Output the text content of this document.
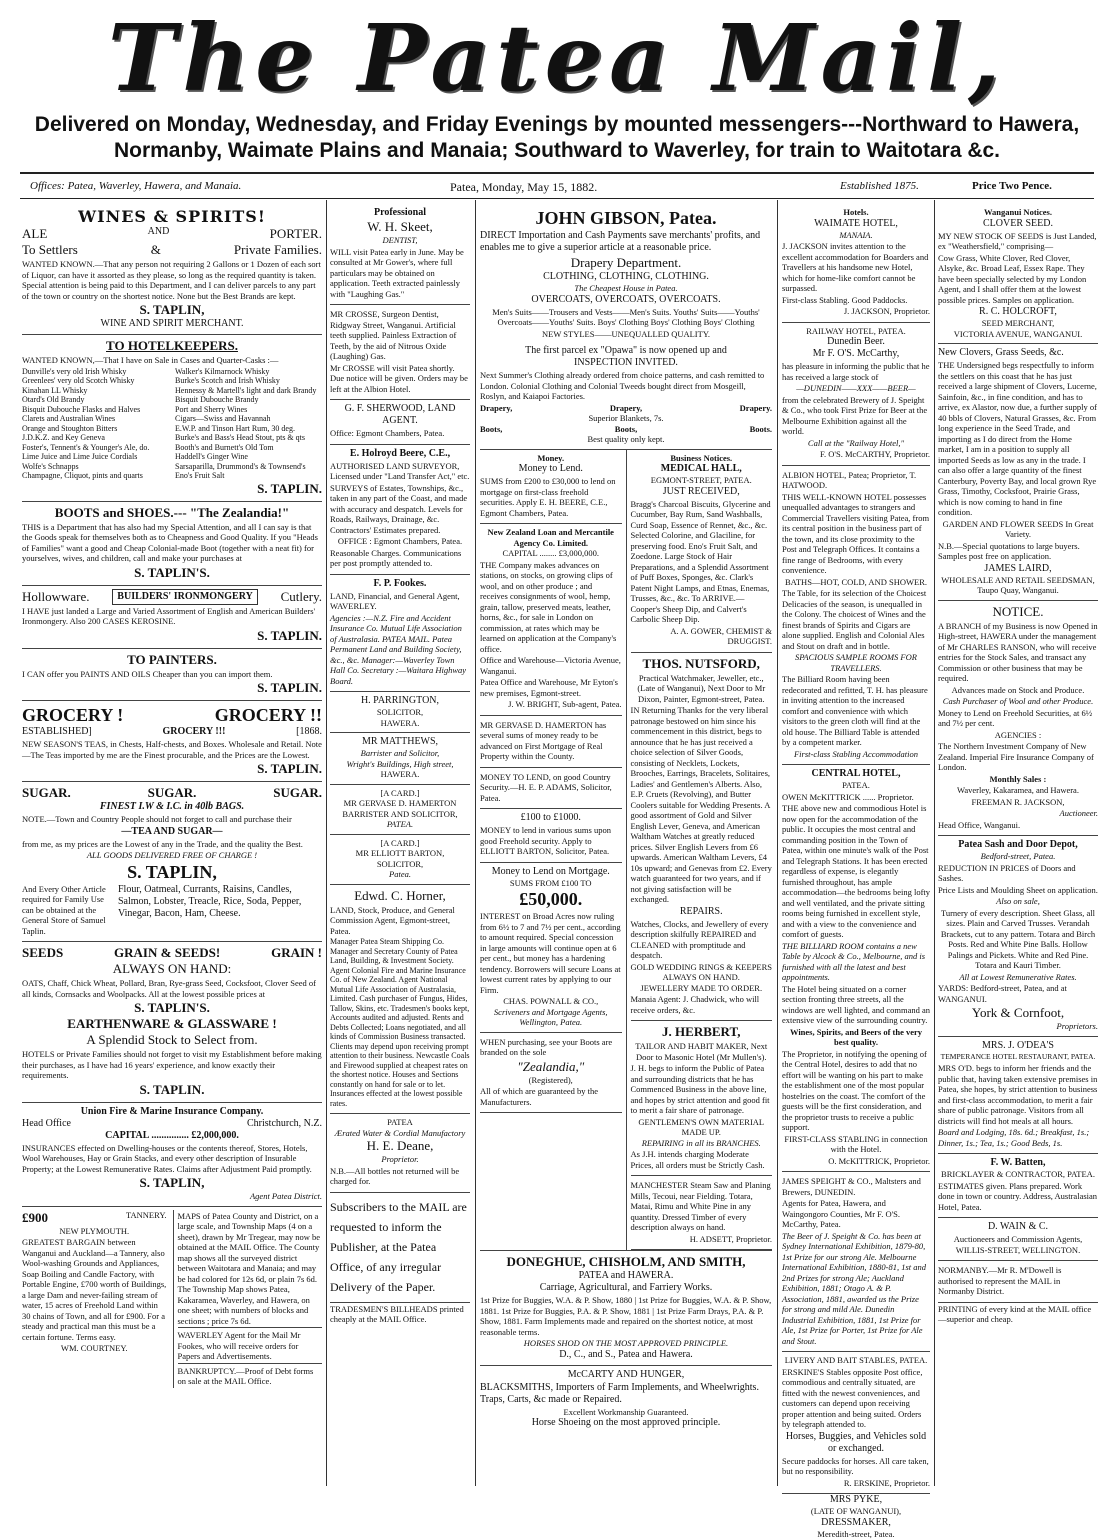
The Patea Mail,
Delivered on Monday, Wednesday, and Friday Evenings by mounted messengers---Northward to Hawera, Normanby, Waimate Plains and Manaia; Southward to Waverley, for train to Waitotara &c.
Offices: Patea, Waverley, Hawera, and Manaia.	Patea, Monday, May 15, 1882.	Established 1875.	Price Two Pence.
WINES & SPIRITS!
ALE	AND	PORTER.
To Settlers	&	Private Families.

WANTED KNOWN.—That any person not requiring 2 Gallons or 1 Dozen of each sort of Liquor, can have it assorted as they please, so long as the required quantity is taken. Special attention is being paid to this Department, and I can deliver parcels to any part of the town or country on the shortest notice. None but the Best Brands are kept.

S. TAPLIN,
WINE AND SPIRIT MERCHANT.
TO HOTELKEEPERS.

WANTED KNOWN,—That I have on Sale in Cases and Quarter-Casks :—

Dunville's very old Irish Whisky
Greenlees' very old Scotch Whisky
Kinahan LL Whisky
Otard's Old Brandy
Bisquit Dubouche Flasks and Halves
Clarets and Australian Wines
Orange and Stoughton Bitters
J.D.K.Z. and Key Geneva
Foster's, Tennent's & Younger's Ale, do.
Lime Juice and Lime Juice Cordials
Wolfe's Schnapps
Champagne, Cliquot, pints and quarts
Walker's Kilmarnock Whisky
Burke's Scotch and Irish Whisky
Hennessy & Martell's light and dark Brandy
Bisquit Dubouche Brandy
Port and Sherry Wines
Cigars—Swiss and Havannah
E.W.P. and Tinson Hart Rum, 30 deg.
Burke's and Bass's Head Stout, pts & qts
Booth's and Burnett's Old Tom
Haddell's Ginger Wine
Sarsaparilla, Drummond's & Townsend's
Eno's Fruit Salt
S. TAPLIN.
BOOTS and SHOES.--- "The Zealandia!"

THIS is a Department that has also had my Special Attention, and all I can say is that the Goods speak for themselves both as to Cheapness and Good Quality. If you "Heads of Families" want a good and Cheap Colonial-made Boot (together with a neat fit) for yourselves, wives, and children, call and make your purchases at

S. TAPLIN'S.
Hollowware.	BUILDERS' IRONMONGERY	Cutlery.

I HAVE just landed a Large and Varied Assortment of English and American Builders' Ironmongery. Also 200 CASES KEROSINE.

S. TAPLIN.
TO PAINTERS.

I CAN offer you PAINTS AND OILS Cheaper than you can import them.

S. TAPLIN.
GROCERY !	GROCERY !!
ESTABLISHED]	GROCERY !!!	[1868.

NEW SEASON'S TEAS, in Chests, Half-chests, and Boxes. Wholesale and Retail. Note—The Teas imported by me are the Finest procurable, and the Prices are the Lowest.

S. TAPLIN.
SUGAR.	SUGAR.	SUGAR.
FINEST I.W & I.C. in 40lb BAGS.

NOTE.—Town and Country People should not forget to call and purchase their

—TEA AND SUGAR—

from me, as my prices are the Lowest of any in the Trade, and the quality the Best.

ALL GOODS DELIVERED FREE OF CHARGE !
S. TAPLIN,

And Every Other Article required for Family Use can be obtained at the General Store of Samuel Taplin.

Flour, Oatmeal, Currants, Raisins, Candles, Salmon, Lobster, Treacle, Rice, Soda, Pepper, Vinegar, Bacon, Ham, Cheese.

SEEDS	GRAIN & SEEDS!	GRAIN !
ALWAYS ON HAND:

OATS, Chaff, Chick Wheat, Pollard, Bran, Rye-grass Seed, Cocksfoot, Clover Seed of all kinds, Cornsacks and Woolpacks. All at the lowest possible prices at

S. TAPLIN'S.
EARTHENWARE & GLASSWARE !
A Splendid Stock to Select from.

HOTELS or Private Families should not forget to visit my Establishment before making their purchases, as I have had 16 years' experience, and know exactly their requirements.

S. TAPLIN.
Union Fire & Marine Insurance Company.
Head Office	Christchurch, N.Z.
CAPITAL ............... £2,000,000.

INSURANCES effected on Dwelling-houses or the contents thereof, Stores, Hotels, Wool Warehouses, Hay or Grain Stacks, and every other description of Insurable Property; at the Lowest Remunerative Rates. Claims after Adjustment Paid promptly.

S. TAPLIN,
Agent Patea District.
£900	TANNERY.
NEW PLYMOUTH.

GREATEST BARGAIN between Wanganui and Auckland—a Tannery, also Wool-washing Grounds and Appliances, Soap Boiling and Candle Factory, with Portable Engine, £700 worth of Buildings, a large Dam and never-failing stream of water, 15 acres of Freehold Land within 30 chains of Town, and all for £900. For a steady and practical man this must be a certain fortune. Terms easy.

WM. COURTNEY.

MAPS of Patea County and District, on a large scale, and Township Maps (4 on a sheet), drawn by Mr Tregear, may now be obtained at the MAIL Office. The County map shows all the surveyed district between Waitotara and Manaia; and may be had colored for 12s 6d, or plain 7s 6d. The Township Map shows Patea, Kakaramea, Waverley, and Hawera, on one sheet; with numbers of blocks and sections ; price 7s 6d.

WAVERLEY Agent for the Mail Mr Fookes, who will receive orders for Papers and Advertisements.

BANKRUPTCY.—Proof of Debt forms on sale at the MAIL Office.

Professional
W. H. Skeet,
DENTIST,

WILL visit Patea early in June. May be consulted at Mr Gower's, where full particulars may be obtained on application. Teeth extracted painlessly with "Laughing Gas."

MR CROSSE, Surgeon Dentist, Ridgway Street, Wanganui. Artificial teeth supplied. Painless Extraction of Teeth, by the aid of Nitrous Oxide (Laughing) Gas.

Mr CROSSE will visit Patea shortly. Due notice will be given. Orders may be left at the Albion Hotel.

G. F. SHERWOOD, LAND AGENT.

Office: Egmont Chambers, Patea.

E. Holroyd Beere, C.E.,

AUTHORISED LAND SURVEYOR, Licensed under "Land Transfer Act," etc.

SURVEYS of Estates, Townships, &c., taken in any part of the Coast, and made with accuracy and despatch. Levels for Roads, Railways, Drainage, &c. Contractors' Estimates prepared.

OFFICE : Egmont Chambers, Patea.

Reasonable Charges. Communications per post promptly attended to.

F. P. Fookes.

LAND, Financial, and General Agent, WAVERLEY.

Agencies :—N.Z. Fire and Accident Insurance Co. Mutual Life Association of Australasia. PATEA MAIL. Patea Permanent Land and Building Society, &c., &c. Manager:—Waverley Town Hall Co. Secretary :—Waitara Highway Board.

H. PARRINGTON,
SOLICITOR,
HAWERA.
MR MATTHEWS,
Barrister and Solicitor,
Wright's Buildings, High street,
HAWERA.
[A CARD.]
MR GERVASE D. HAMERTON
BARRISTER AND SOLICITOR,
PATEA.
[A CARD.]
MR ELLIOTT BARTON,
SOLICITOR,
Patea.
Edwd. C. Horner,

LAND, Stock, Produce, and General Commission Agent, Egmont-street, Patea.

Manager Patea Steam Shipping Co. Manager and Secretary County of Patea Land, Building, & Investment Society. Agent Colonial Fire and Marine Insurance Co. of New Zealand. Agent National Mutual Life Association of Australasia, Limited. Cash purchaser of Fungus, Hides, Tallow, Skins, etc. Tradesmen's books kept, Accounts audited and adjusted. Rents and Debts Collected; Loans negotiated, and all kinds of Commission Business transacted. Clients may depend upon receiving prompt attention to their business. Newcastle Coals and Firewood supplied at cheapest rates on the shortest notice. Houses and Sections constantly on hand for sale or to let. Insurances effected at the lowest possible rates.

PATEA
Ærated Water & Cordial Manufactory
H. E. Deane,
Proprietor.

N.B.—All bottles not returned will be charged for.

Subscribers to the MAIL are requested to inform the Publisher, at the Patea Office, of any irregular Delivery of the Paper.

TRADESMEN'S BILLHEADS printed cheaply at the MAIL Office.

JOHN GIBSON, Patea.

DIRECT Importation and Cash Payments save merchants' profits, and enables me to give a superior article at a reasonable price.

Drapery Department.
CLOTHING, CLOTHING, CLOTHING.
The Cheapest House in Patea.
OVERCOATS, OVERCOATS, OVERCOATS.

Men's Suits——Trousers and Vests——Men's Suits. Youths' Suits——Youths' Overcoats——Youths' Suits. Boys' Clothing Boys' Clothing Boys' Clothing

NEW STYLES——UNEQUALLED QUALITY.
The first parcel ex "Opawa" is now opened up and
INSPECTION INVITED.

Next Summer's Clothing already ordered from choice patterns, and cash remitted to London. Colonial Clothing and Colonial Tweeds bought direct from Mosgeill, Roslyn, and Kaiapoi Factories.

Drapery,	Drapery,	Drapery.
Superior Blankets, 7s.
Boots,	Boots,	Boots.
Best quality only kept.
Money.
Money to Lend.

SUMS from £200 to £30,000 to lend on mortgage on first-class freehold securities. Apply E. H. BEERE, C.E., Egmont Chambers, Patea.

New Zealand Loan and Mercantile Agency Co. Limited.
CAPITAL ........ £3,000,000.

THE Company makes advances on stations, on stocks, on growing clips of wool, and on other produce ; and receives consignments of wool, hemp, grain, tallow, preserved meats, leather, horns, &c., for sale in London on commission, at rates which may be learned on application at the Company's office.

Office and Warehouse—Victoria Avenue, Wanganui.

Patea Office and Warehouse, Mr Eyton's new premises, Egmont-street.

J. W. BRIGHT, Sub-agent, Patea.

MR GERVASE D. HAMERTON has several sums of money ready to be advanced on First Mortgage of Real Property within the County.

MONEY TO LEND, on good Country Security.—H. E. P. ADAMS, Solicitor, Patea.

£100 to £1000.

MONEY to lend in various sums upon good Freehold security. Apply to ELLIOTT BARTON, Solicitor, Patea.

Money to Lend on Mortgage.
SUMS FROM £100 TO
£50,000.

INTEREST on Broad Acres now ruling from 6½ to 7 and 7½ per cent., according to amount required. Special concession in large amounts will continue open at 6 per cent., but money has a hardening tendency. Borrowers will secure Loans at lowest current rates by applying to our Firm.

CHAS. POWNALL & CO.,
Scriveners and Mortgage Agents, Wellington, Patea.

WHEN purchasing, see your Boots are branded on the sole

"Zealandia,"
(Registered),

All of which are guaranteed by the Manufacturers.

Business Notices.
MEDICAL HALL,
EGMONT-STREET, PATEA.
JUST RECEIVED,

Bragg's Charcoal Biscuits, Glycerine and Cucumber, Bay Rum, Sand Washballs, Curd Soap, Essence of Rennet, &c., &c. Selected Colorine, and Glaciline, for preserving food. Eno's Fruit Salt, and Zoedone. Large Stock of Hair Preparations, and a Splendid Assortment of Puff Boxes, Sponges, &c. Clark's Patent Night Lamps, and Etnas, Enemas, Trusses, &c., &c. To ARRIVE.—Cooper's Sheep Dip, and Calvert's Carbolic Sheep Dip.

A. A. GOWER, CHEMIST & DRUGGIST.

THOS. NUTSFORD,

Practical Watchmaker, Jeweller, etc., (Late of Wanganui), Next Door to Mr Dixon, Painter, Egmont-street, Patea.

IN Returning Thanks for the very liberal patronage bestowed on him since his commencement in this district, begs to announce that he has just received a choice selection of Silver Goods, consisting of Necklets, Lockets, Brooches, Earrings, Bracelets, Solitaires, Ladies' and Gentlemen's Alberts. Also, E.P. Cruets (Revolving), and Butter Coolers suitable for Wedding Presents. A good assortment of Gold and Silver English Lever, Geneva, and American Waltham Watches at greatly reduced prices. Silver English Levers from £6 upwards. American Waltham Levers, £4 10s upward; and Genevas from £2. Every watch guaranteed for two years, and if not giving satisfaction will be exchanged.

REPAIRS.

Watches, Clocks, and Jewellery of every description skilfully REPAIRED and CLEANED with promptitude and despatch.

GOLD WEDDING RINGS & KEEPERS ALWAYS ON HAND.
JEWELLERY MADE TO ORDER.

Manaia Agent: J. Chadwick, who will receive orders, &c.

J. HERBERT,

TAILOR AND HABIT MAKER, Next Door to Masonic Hotel (Mr Mullen's).

J. H. begs to inform the Public of Patea and surrounding districts that he has Commenced Business in the above line, and hopes by strict attention and good fit to merit a fair share of patronage.

GENTLEMEN'S OWN MATERIAL MADE UP.
REPAIRING in all its BRANCHES.

As J.H. intends charging Moderate Prices, all orders must be Strictly Cash.

MANCHESTER Steam Saw and Planing Mills, Tecoui, near Fielding. Totara, Matai, Rimu and White Pine in any quantity. Dressed Timber of every description always on hand.

H. ADSETT, Proprietor.

DONEGHUE, CHISHOLM, AND SMITH,
PATEA and HAWERA.
Carriage, Agricultural, and Farriery Works.

1st Prize for Buggies, W.A. & P. Show, 1880 | 1st Prize for Buggies, W.A. & P. Show, 1881. 1st Prize for Buggies, P.A. & P. Show, 1881 | 1st Prize Farm Drays, P.A. & P. Show, 1881. Farm Implements made and repaired on the shortest notice, at most reasonable terms.

HORSES SHOD ON THE MOST APPROVED PRINCIPLE.
D., C., and S., Patea and Hawera.
McCARTY AND HUNGER,

BLACKSMITHS, Importers of Farm Implements, and Wheelwrights. Traps, Carts, &c made or Repaired.

Excellent Workmanship Guaranteed.
Horse Shoeing on the most approved principle.
Hotels.
WAIMATE HOTEL,
MANAIA.

J. JACKSON invites attention to the excellent accommodation for Boarders and Travellers at his handsome new Hotel, which for home-like comfort cannot be surpassed.

First-class Stabling. Good Paddocks.

J. JACKSON, Proprietor.

RAILWAY HOTEL, PATEA.
Dunedin Beer.
Mr F. O'S. McCarthy,

has pleasure in informing the public that he has received a large stock of

—DUNEDIN——XXX——BEER—

from the celebrated Brewery of J. Speight & Co., who took First Prize for Beer at the Melbourne Exhibition against all the world.

Call at the "Railway Hotel,"

F. O'S. McCARTHY, Proprietor.

ALBION HOTEL, Patea; Proprietor, T. HATWOOD.

THIS WELL-KNOWN HOTEL possesses unequalled advantages to strangers and Commercial Travellers visiting Patea, from its central position in the business part of the town, and its close proximity to the Post and Telegraph Offices. It contains a fine range of Bedrooms, with every convenience.

BATHS—HOT, COLD, AND SHOWER.

The Table, for its selection of the Choicest Delicacies of the season, is unequalled in the Colony. The choicest of Wines and the finest brands of Spirits and Cigars are alone supplied. English and Colonial Ales and Stout on draft and in bottle.

SPACIOUS SAMPLE ROOMS FOR TRAVELLERS.

The Billiard Room having been redecorated and refitted, T. H. has pleasure in inviting attention to the increased comfort and convenience with which visitors to the green cloth will find at the old house. The Billiard Table is attended by a competent marker.

First-class Stabling Accommodation

CENTRAL HOTEL,
PATEA.

OWEN McKITTRICK ...... Proprietor.

THE above new and commodious Hotel is now open for the accommodation of the public. It occupies the most central and commanding position in the Town of Patea, within one minute's walk of the Post and Telegraph Stations. It has been erected regardless of expense, is elegantly furnished throughout, has ample accommodation—the bedrooms being lofty and well ventilated, and the private sitting rooms being furnished in excellent style, and with a view to the convenience and comfort of guests.

THE BILLIARD ROOM contains a new Table by Alcock & Co., Melbourne, and is furnished with all the latest and best appointments.

The Hotel being situated on a corner section fronting three streets, all the windows are well lighted, and command an extensive view of the surrounding country.

Wines, Spirits, and Beers of the very best quality.

The Proprietor, in notifying the opening of the Central Hotel, desires to add that no effort will be wanting on his part to make the establishment one of the most popular hostelries on the coast. The comfort of the guests will be the first consideration, and the proprietor trusts to receive a public support.

FIRST-CLASS STABLING in connection with the Hotel.

O. McKITTRICK, Proprietor.

JAMES SPEIGHT & CO., Maltsters and Brewers, DUNEDIN.

Agents for Patea, Hawera, and Waingongoro Counties, Mr F. O'S. McCarthy, Patea.

The Beer of J. Speight & Co. has been at Sydney International Exhibition, 1879-80, 1st Prize for our strong Ale. Melbourne International Exhibition, 1880-81, 1st and 2nd Prizes for strong Ale; Auckland Exhibition, 1881; Otago A. & P. Association, 1881, awarded us the Prize for strong and mild Ale. Dunedin Industrial Exhibition, 1881, 1st Prize for Ale, 1st Prize for Porter, 1st Prize for Ale and Stout.

LIVERY AND BAIT STABLES, PATEA.

ERSKINE'S Stables opposite Post office, commodious and centrally situated, are fitted with the newest conveniences, and customers can depend upon receiving proper attention and being suited. Orders by telegraph attended to.

Horses, Buggies, and Vehicles sold or exchanged.

Secure paddocks for horses. All care taken, but no responsibility.

R. ERSKINE, Proprietor.

MRS PYKE,
(LATE OF WANGANUI),
DRESSMAKER,
Meredith-street, Patea.
Wanganui Notices.
CLOVER SEED.

MY NEW STOCK OF SEEDS is Just Landed, ex "Weathersfield," comprising—

Cow Grass, White Clover, Red Clover, Alsyke, &c. Broad Leaf, Essex Rape. They have been specially selected by my London Agent, and I shall offer them at the lowest possible prices. Samples on application.

R. C. HOLCROFT,
SEED MERCHANT,
VICTORIA AVENUE, WANGANUI.
New Clovers, Grass Seeds, &c.

THE Undersigned begs respectfully to inform the settlers on this coast that he has just received a large shipment of Clovers, Lucerne, Sainfoin, &c., in fine condition, and has to arrive, ex Alastor, now due, a further supply of 40 bbls of Clovers, Natural Grasses, &c. From long experience in the Seed Trade, and importing as I do direct from the Home market, I am in a position to supply all imported Seeds as low as any in the trade. I can also offer a large quantity of the finest Canterbury, Poverty Bay, and local grown Rye Grass, Timothy, Cocksfoot, Prairie Grass, which is now coming to hand in fine condition.

GARDEN AND FLOWER SEEDS In Great Variety.

N.B.—Special quotations to large buyers. Samples post free on application.

JAMES LAIRD,
WHOLESALE AND RETAIL SEEDSMAN, Taupo Quay, Wanganui.
NOTICE.

A BRANCH of my Business is now Opened in High-street, HAWERA under the management of Mr CHARLES RANSON, who will receive entries for the Stock Sales, and transact any Commission or other business that may be required.

Advances made on Stock and Produce.

Cash Purchaser of Wool and other Produce.

Money to Lend on Freehold Securities, at 6½ and 7½ per cent.

AGENCIES :

The Northern Investment Company of New Zealand. Imperial Fire Insurance Company of London.

Monthly Sales :

Waverley, Kakaramea, and Hawera.

FREEMAN R. JACKSON,

Auctioneer.

Head Office, Wanganui.

Patea Sash and Door Depot,
Bedford-street, Patea.

REDUCTION IN PRICES of Doors and Sashes.

Price Lists and Moulding Sheet on application.

Also on sale,

Turnery of every description. Sheet Glass, all sizes. Plain and Carved Trusses. Verandah Brackets, cut to any pattern. Totara and Birch Posts. Red and White Pine Balls. Hollow Palings and Pickets. White and Red Pine. Totara and Kauri Timber.

All at Lowest Remunerative Rates.

YARDS: Bedford-street, Patea, and at WANGANUI.

York & Cornfoot,
Proprietors.
MRS. J. O'DEA'S
TEMPERANCE HOTEL RESTAURANT, PATEA.

MRS O'D. begs to inform her friends and the public that, having taken extensive premises in Patea, she hopes, by strict attention to business and first-class accommodation, to merit a fair share of public patronage. Visitors from all districts will find hot meals at all hours.

Board and Lodging, 18s. 6d.; Breakfast, 1s.; Dinner, 1s.; Tea, 1s.; Good Beds, 1s.

F. W. Batten,
BRICKLAYER & CONTRACTOR, PATEA.

ESTIMATES given. Plans prepared. Work done in town or country. Address, Australasian Hotel, Patea.

D. WAIN & C.

Auctioneers and Commission Agents, WILLIS-STREET, WELLINGTON.

NORMANBY.—Mr R. M'Dowell is authorised to represent the MAIL in Normanby District.

PRINTING of every kind at the MAIL office—superior and cheap.
